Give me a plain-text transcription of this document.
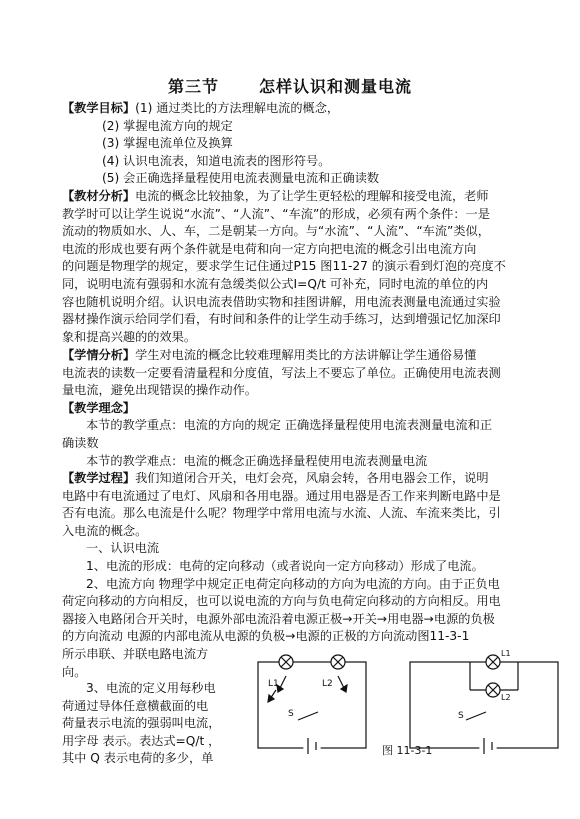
第三节	怎样认识和测量电流
【教学目标】(1) 通过类比的方法理解电流的概念，
(2) 掌握电流方向的规定
(3) 掌握电流单位及换算
(4) 认识电流表，知道电流表的图形符号。
(5) 会正确选择量程使用电流表测量电流和正确读数
【教材分析】电流的概念比较抽象，为了让学生更轻松的理解和接受电流，老师
教学时可以让学生说说“水流”、“人流”、“车流”的形成，必须有两个条件：一是
流动的物质如水、人、车，二是朝某一方向。与“水流”、“人流”、“车流”类似，
电流的形成也要有两个条件就是电荷和向一定方向把电流的概念引出电流方向
的问题是物理学的规定，要求学生记住通过P15 图11-27 的演示看到灯泡的亮度不
同，说明电流有强弱和水流有急缓类似公式I=Q/t 可补充，同时电流的单位的内
容也随机说明介绍。认识电流表借助实物和挂图讲解，用电流表测量电流通过实验
器材操作演示给同学们看，有时间和条件的让学生动手练习，达到增强记忆加深印
象和提高兴趣的的效果。
【学情分析】学生对电流的概念比较难理解用类比的方法讲解让学生通俗易懂
电流表的读数一定要看清量程和分度值，写法上不要忘了单位。正确使用电流表测
量电流，避免出现错误的操作动作。
【教学理念】
本节的教学重点：电流的方向的规定 正确选择量程使用电流表测量电流和正
确读数
本节的教学难点：电流的概念正确选择量程使用电流表测量电流
【教学过程】我们知道闭合开关，电灯会亮，风扇会转，各用电器会工作，说明
电路中有电流通过了电灯、风扇和各用电器。通过用电器是否工作来判断电路中是
否有电流。那么电流是什么呢？物理学中常用电流与水流、人流、车流来类比，引
入电流的概念。
一、认识电流
1、电流的形成：电荷的定向移动（或者说向一定方向移动）形成了电流。
2、电流方向 物理学中规定正电荷定向移动的方向为电流的方向。由于正负电
荷定向移动的方向相反，也可以说电流的方向与负电荷定向移动的方向相反。用电
器接入电路闭合开关时，电源外部电流沿着电源正极→开关→用电器→电源的负极
的方向流动 电源的内部电流从电源的负极→电源的正极的方向流动图11-3-1
所示串联、并联电路电流方
向。
3、电流的定义用每秒电
荷通过导体任意横截面的电
荷量表示电流的强弱叫电流，
用字母 表示。表达式=Q/t ，
其中 Q 表示电荷的多少，单
L1	L2
S
L1
L2
S
图 11-3-1
